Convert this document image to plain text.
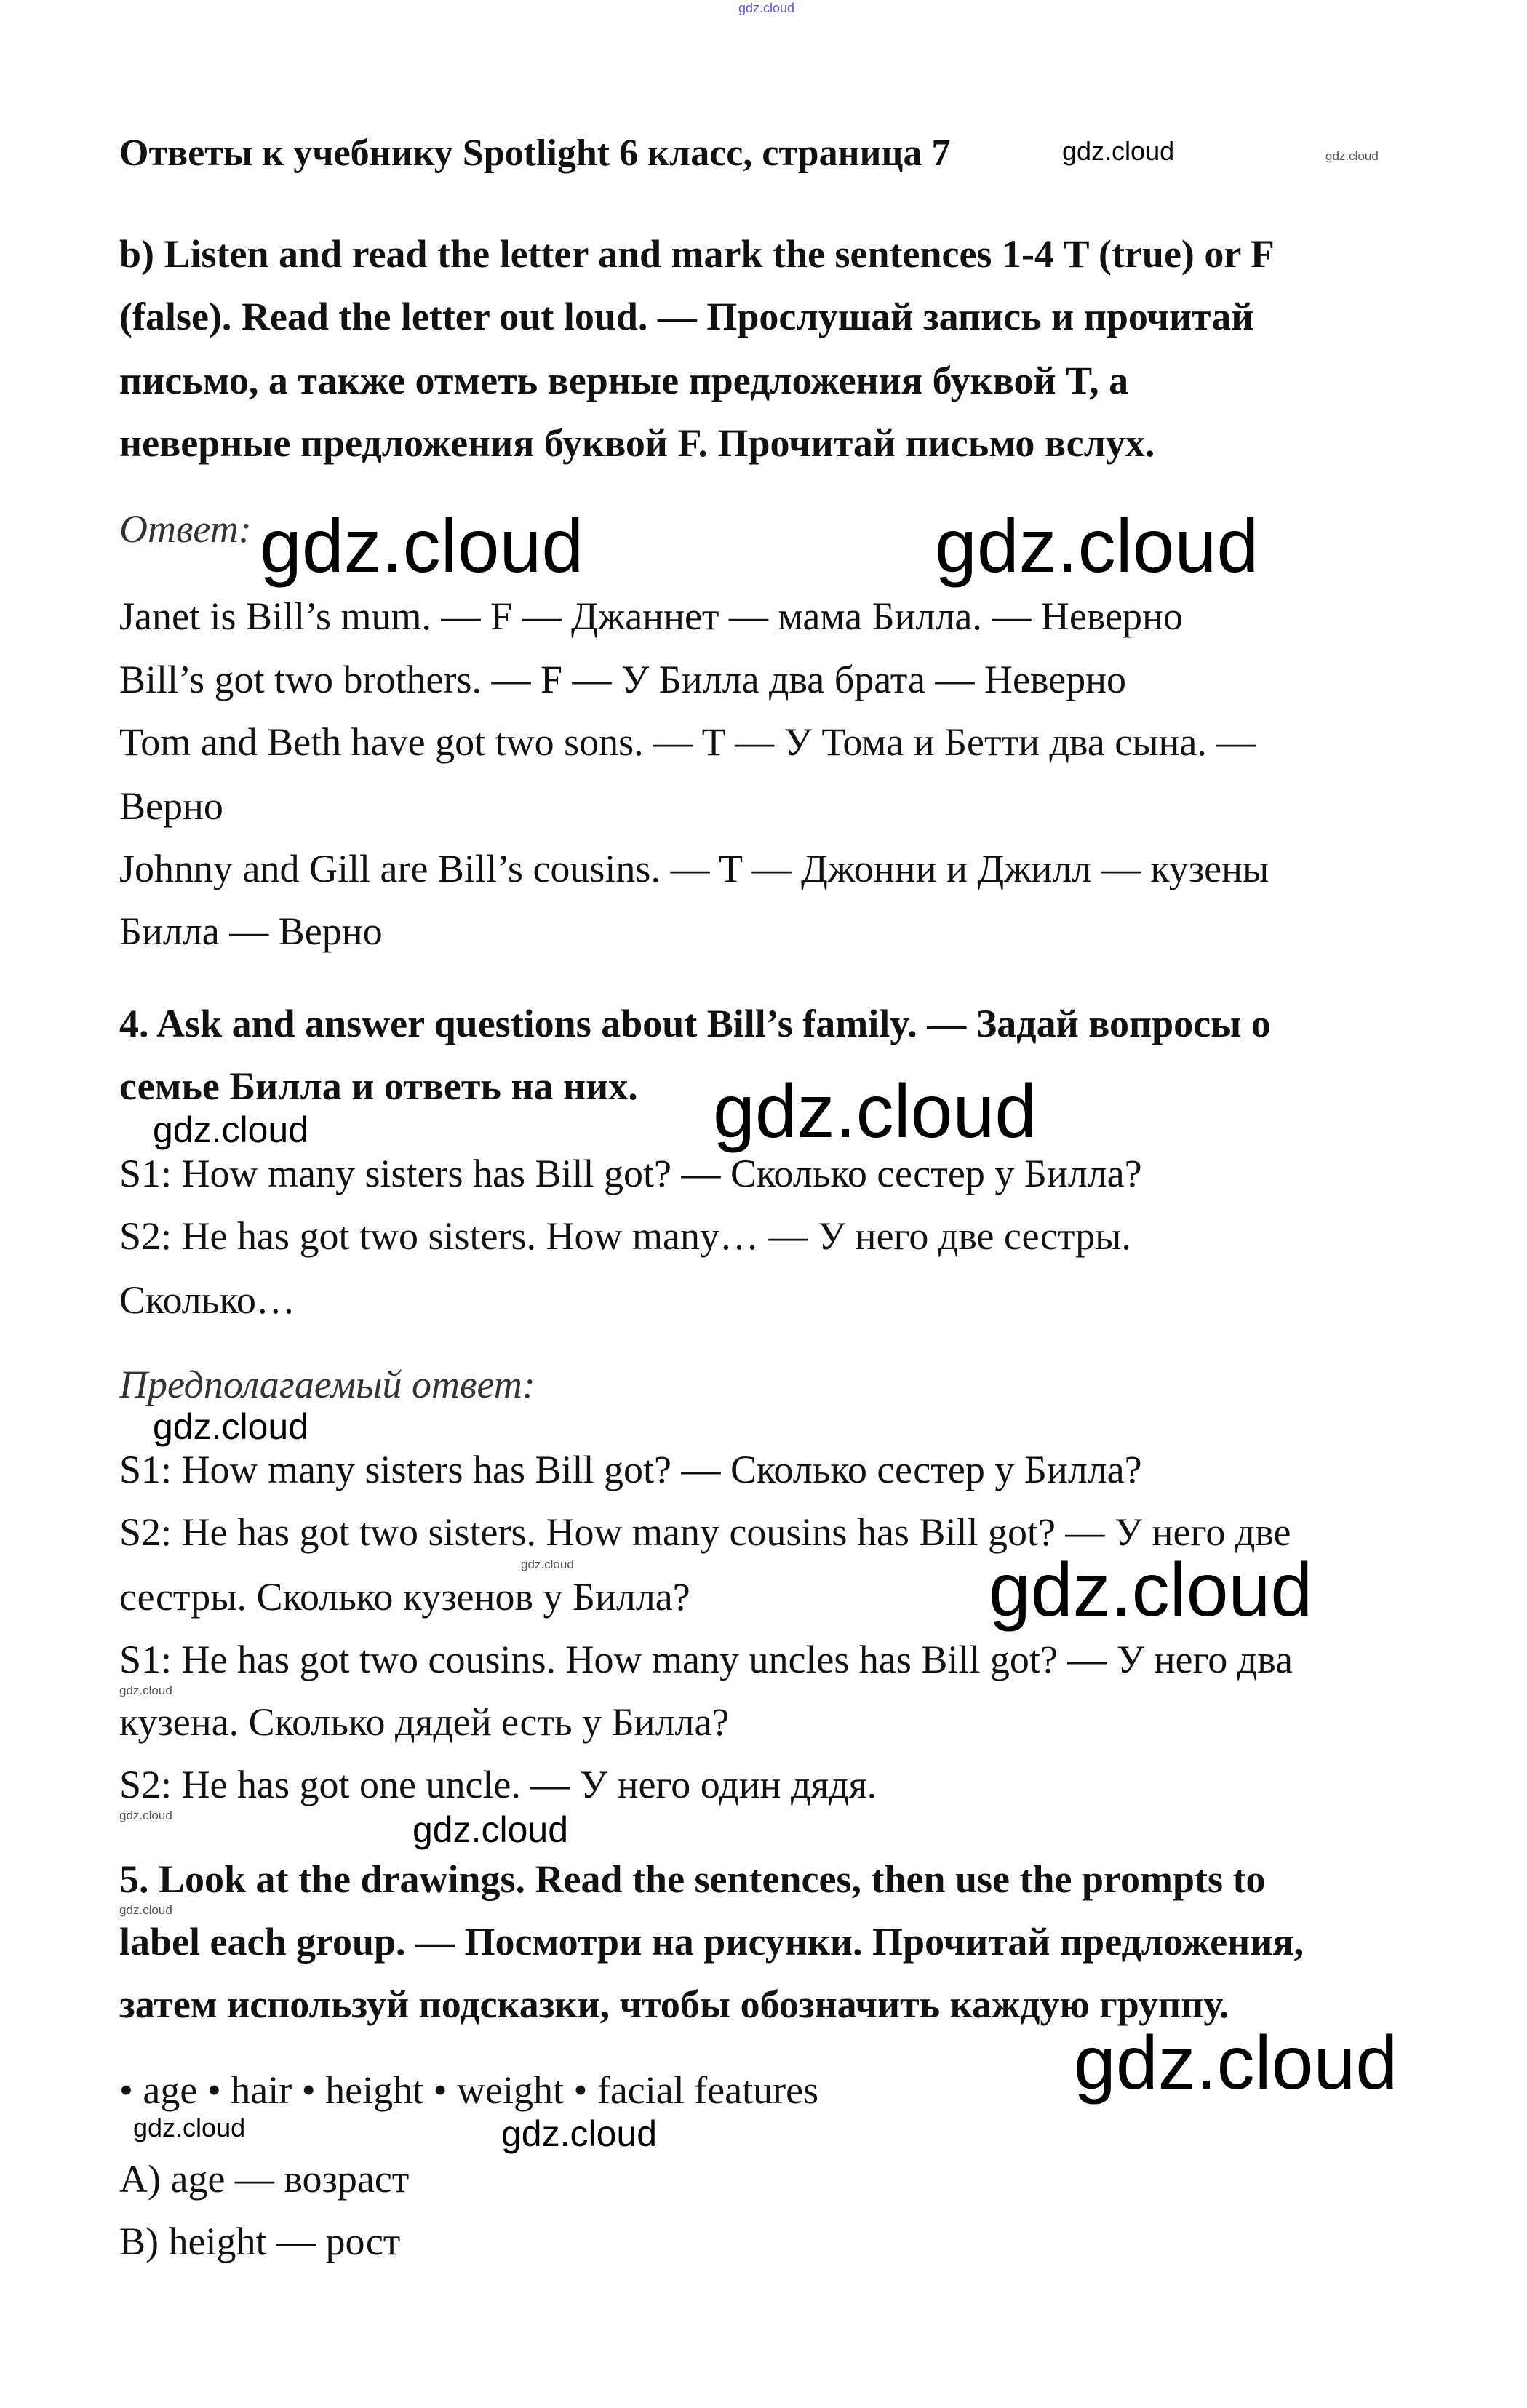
gdz.cloud
Ответы к учебнику Spotlight 6 класс, страница 7	gdz.cloud	gdz.cloud
b) Listen and read the letter and mark the sentences 1-4 T (true) or F
(false). Read the letter out loud. — Прослушай запись и прочитай
письмо, а также отметь верные предложения буквой T, а
неверные предложения буквой F. Прочитай письмо вслух.
Ответ: gdz.cloud	gdz.cloud
Janet is Bill’s mum. — F — Джаннет — мама Билла. — Неверно
Bill’s got two brothers. — F — У Билла два брата — Неверно
Tom and Beth have got two sons. — T — У Тома и Бетти два сына. —
Верно
Johnny and Gill are Bill’s cousins. — T — Джонни и Джилл — кузены
Билла — Верно
4. Ask and answer questions about Bill’s family. — Задай вопросы о
семье Билла и ответь на них. gdz.cloud
gdz.cloud
S1: How many sisters has Bill got? — Сколько сестер у Билла?
S2: He has got two sisters. How many… — У него две сестры.
Сколько…
Предполагаемый ответ:
gdz.cloud
S1: How many sisters has Bill got? — Сколько сестер у Билла?
S2: He has got two sisters. How many cousins has Bill got? — У него две
gdz.cloud
сестры. Сколько кузенов у Билла?	gdz.cloud
S1: He has got two cousins. How many uncles has Bill got? — У него два
gdz.cloud
кузена. Сколько дядей есть у Билла?
S2: He has got one uncle. — У него один дядя.
gdz.cloud	gdz.cloud
5. Look at the drawings. Read the sentences, then use the prompts to
gdz.cloud
label each group. — Посмотри на рисунки. Прочитай предложения,
затем используй подсказки, чтобы обозначить каждую группу.
• age • hair • height • weight • facial features	gdz.cloud
gdz.cloud	gdz.cloud
A) age — возраст
B) height — рост
